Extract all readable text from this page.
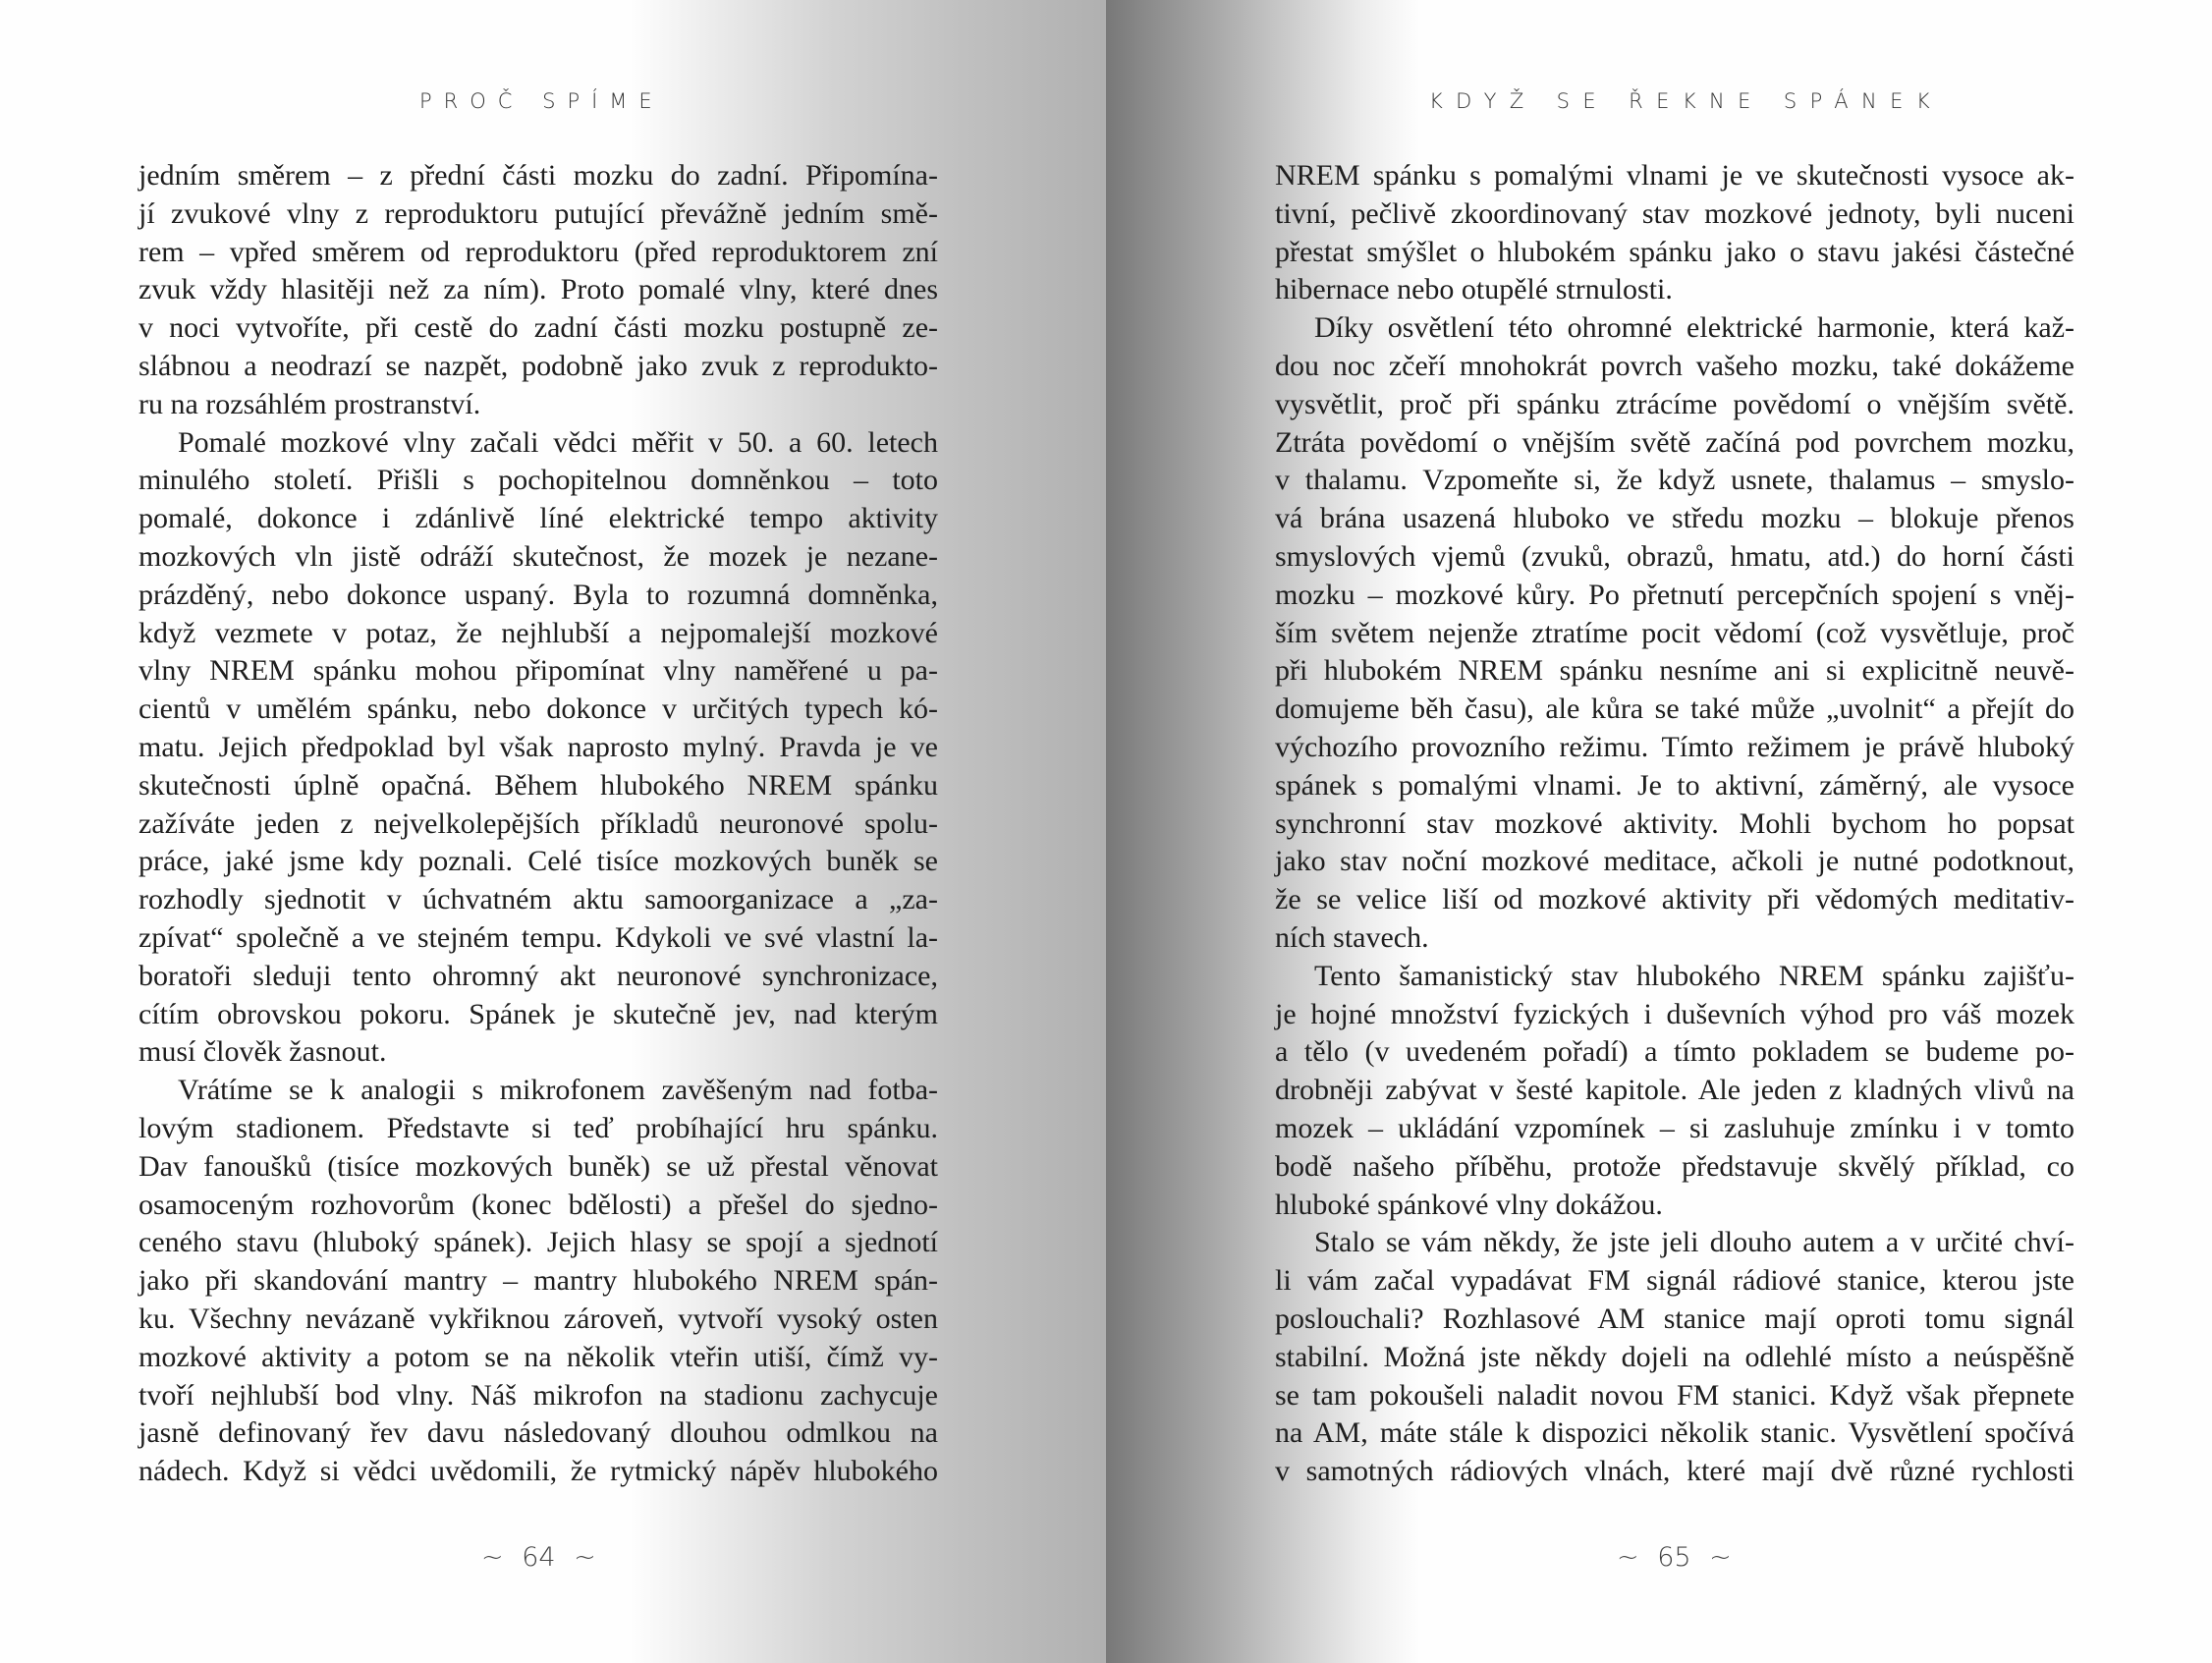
PROČ SPÍME
jedním směrem – z přední části mozku do zadní. Připomína-
jí zvukové vlny z reproduktoru putující převážně jedním smě-
rem – vpřed směrem od reproduktoru (před reproduktorem zní
zvuk vždy hlasitěji než za ním). Proto pomalé vlny, které dnes
v noci vytvoříte, při cestě do zadní části mozku postupně ze-
slábnou a neodrazí se nazpět, podobně jako zvuk z reprodukto-
ru na rozsáhlém prostranství.
Pomalé mozkové vlny začali vědci měřit v 50. a 60. letech
minulého století. Přišli s pochopitelnou domněnkou – toto
pomalé, dokonce i zdánlivě líné elektrické tempo aktivity
mozkových vln jistě odráží skutečnost, že mozek je nezane-
prázděný, nebo dokonce uspaný. Byla to rozumná domněnka,
když vezmete v potaz, že nejhlubší a nejpomalejší mozkové
vlny NREM spánku mohou připomínat vlny naměřené u pa-
cientů v umělém spánku, nebo dokonce v určitých typech kó-
matu. Jejich předpoklad byl však naprosto mylný. Pravda je ve
skutečnosti úplně opačná. Během hlubokého NREM spánku
zažíváte jeden z nejvelkolepějších příkladů neuronové spolu-
práce, jaké jsme kdy poznali. Celé tisíce mozkových buněk se
rozhodly sjednotit v úchvatném aktu samoorganizace a „za-
zpívat“ společně a ve stejném tempu. Kdykoli ve své vlastní la-
boratoři sleduji tento ohromný akt neuronové synchronizace,
cítím obrovskou pokoru. Spánek je skutečně jev, nad kterým
musí člověk žasnout.
Vrátíme se k analogii s mikrofonem zavěšeným nad fotba-
lovým stadionem. Představte si teď probíhající hru spánku.
Dav fanoušků (tisíce mozkových buněk) se už přestal věnovat
osamoceným rozhovorům (konec bdělosti) a přešel do sjedno-
ceného stavu (hluboký spánek). Jejich hlasy se spojí a sjednotí
jako při skandování mantry – mantry hlubokého NREM spán-
ku. Všechny nevázaně vykřiknou zároveň, vytvoří vysoký osten
mozkové aktivity a potom se na několik vteřin utiší, čímž vy-
tvoří nejhlubší bod vlny. Náš mikrofon na stadionu zachycuje
jasně definovaný řev davu následovaný dlouhou odmlkou na
nádech. Když si vědci uvědomili, že rytmický nápěv hlubokého
~ 64 ~
KDYŽ SE ŘEKNE SPÁNEK
NREM spánku s pomalými vlnami je ve skutečnosti vysoce ak-
tivní, pečlivě zkoordinovaný stav mozkové jednoty, byli nuceni
přestat smýšlet o hlubokém spánku jako o stavu jakési částečné
hibernace nebo otupělé strnulosti.
Díky osvětlení této ohromné elektrické harmonie, která kaž-
dou noc zčeří mnohokrát povrch vašeho mozku, také dokážeme
vysvětlit, proč při spánku ztrácíme povědomí o vnějším světě.
Ztráta povědomí o vnějším světě začíná pod povrchem mozku,
v thalamu. Vzpomeňte si, že když usnete, thalamus – smyslo-
vá brána usazená hluboko ve středu mozku – blokuje přenos
smyslových vjemů (zvuků, obrazů, hmatu, atd.) do horní části
mozku – mozkové kůry. Po přetnutí percepčních spojení s vněj-
ším světem nejenže ztratíme pocit vědomí (což vysvětluje, proč
při hlubokém NREM spánku nesníme ani si explicitně neuvě-
domujeme běh času), ale kůra se také může „uvolnit“ a přejít do
výchozího provozního režimu. Tímto režimem je právě hluboký
spánek s pomalými vlnami. Je to aktivní, záměrný, ale vysoce
synchronní stav mozkové aktivity. Mohli bychom ho popsat
jako stav noční mozkové meditace, ačkoli je nutné podotknout,
že se velice liší od mozkové aktivity při vědomých meditativ-
ních stavech.
Tento šamanistický stav hlubokého NREM spánku zajišťu-
je hojné množství fyzických i duševních výhod pro váš mozek
a tělo (v uvedeném pořadí) a tímto pokladem se budeme po-
drobněji zabývat v šesté kapitole. Ale jeden z kladných vlivů na
mozek – ukládání vzpomínek – si zasluhuje zmínku i v tomto
bodě našeho příběhu, protože představuje skvělý příklad, co
hluboké spánkové vlny dokážou.
Stalo se vám někdy, že jste jeli dlouho autem a v určité chví-
li vám začal vypadávat FM signál rádiové stanice, kterou jste
poslouchali? Rozhlasové AM stanice mají oproti tomu signál
stabilní. Možná jste někdy dojeli na odlehlé místo a neúspěšně
se tam pokoušeli naladit novou FM stanici. Když však přepnete
na AM, máte stále k dispozici několik stanic. Vysvětlení spočívá
v samotných rádiových vlnách, které mají dvě různé rychlosti
~ 65 ~
